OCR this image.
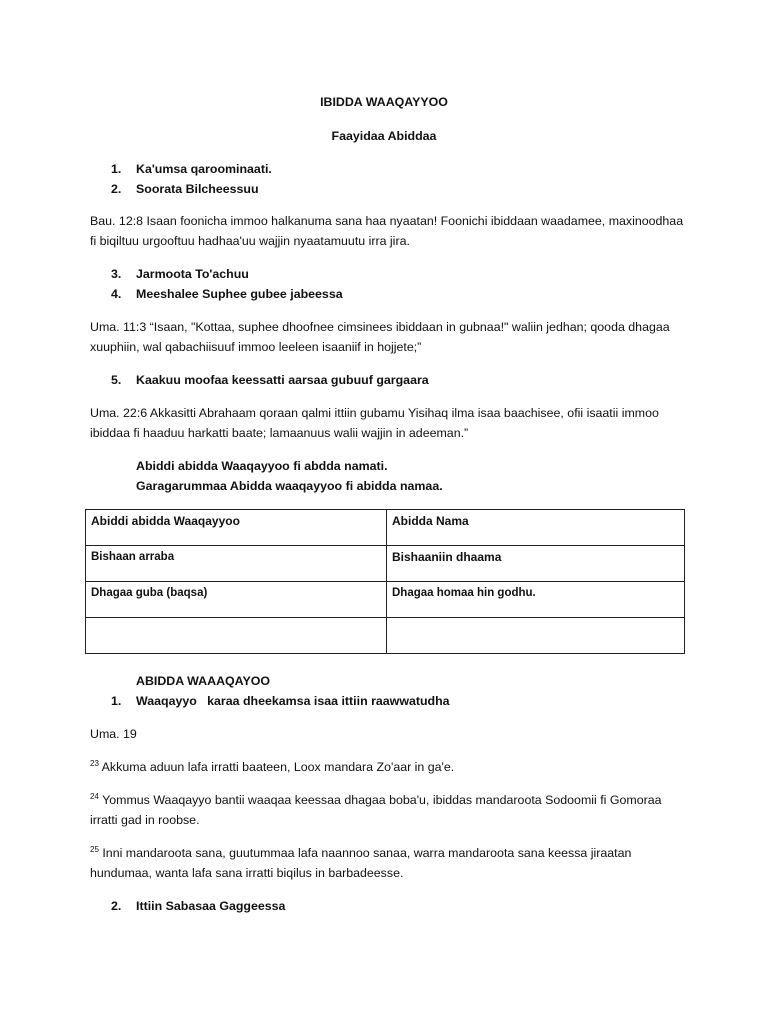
IBIDDA WAAQAYYOO

Faayidaa Abiddaa

1.	Ka'umsa qaroominaati.
2.	Soorata Bilcheessuu

Bau. 12:8 Isaan foonicha immoo halkanuma sana haa nyaatan! Foonichi ibiddaan waadamee, maxinoodhaa fi biqiltuu urgooftuu hadhaa'uu wajjin nyaatamuutu irra jira.

3.	Jarmoota To'achuu
4.	Meeshalee Suphee gubee jabeessa

Uma. 11:3 “Isaan, "Kottaa, suphee dhoofnee cimsinees ibiddaan in gubnaa!" waliin jedhan; qooda dhagaa xuuphiin, wal qabachiisuuf immoo leeleen isaaniif in hojjete;”

5.	Kaakuu moofaa keessatti aarsaa gubuuf gargaara

Uma. 22:6 Akkasitti Abrahaam qoraan qalmi ittiin gubamu Yisihaq ilma isaa baachisee, ofii isaatii immoo ibiddaa fi haaduu harkatti baate; lamaanuus walii wajjin in adeeman.”

Abiddi abidda Waaqayyoo fi abdda namati.

Garagarummaa Abidda waaqayyoo fi abidda namaa.

Abiddi abidda Waaqayyoo	Abidda Nama
Bishaan arraba	Bishaaniin dhaama
Dhagaa guba (baqsa)	Dhagaa homaa hin godhu.

ABIDDA WAAAQAYOO

1.	Waaqayyo   karaa dheekamsa isaa ittiin raawwatudha

Uma. 19

$^{23}$ Akkuma aduun lafa irratti baateen, Loox mandara Zo'aar in ga'e.

$^{24}$ Yommus Waaqayyo bantii waaqaa keessaa dhagaa boba'u, ibiddas mandaroota Sodoomii fi Gomoraa irratti gad in roobse.

$^{25}$ Inni mandaroota sana, guutummaa lafa naannoo sanaa, warra mandaroota sana keessa jiraatan hundumaa, wanta lafa sana irratti biqilus in barbadeesse.

2.	Ittiin Sabasaa Gaggeessa
